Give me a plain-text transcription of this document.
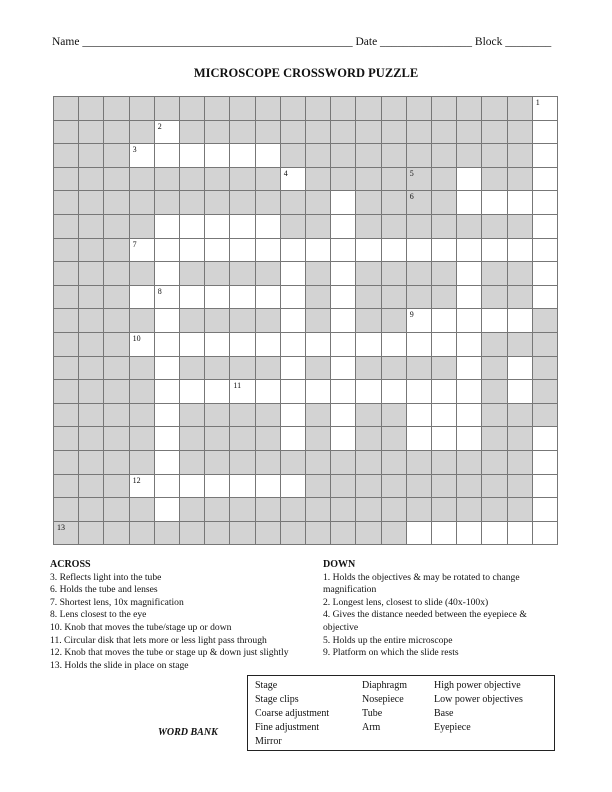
Name _______________________________________________ Date ________________ Block ________
MICROSCOPE CROSSWORD PUZZLE
1
2
3
4	5
6
7
8
9
10
11
12
13
ACROSS
3. Reflects light into the tube
6. Holds the tube and lenses
7. Shortest lens, 10x magnification
8. Lens closest to the eye
10. Knob that moves the tube/stage up or down
11. Circular disk that lets more or less light pass through
12. Knob that moves the tube or stage up & down just slightly
13. Holds the slide in place on stage
DOWN
1. Holds the objectives & may be rotated to change magnification
2. Longest lens, closest to slide (40x-100x)
4. Gives the distance needed between the eyepiece & objective
5. Holds up the entire microscope
9. Platform on which the slide rests
WORD BANK
Stage
Stage clips
Coarse adjustment
Fine adjustment
Mirror
Diaphragm
Nosepiece
Tube
Arm
High power objective
Low power objectives
Base
Eyepiece
